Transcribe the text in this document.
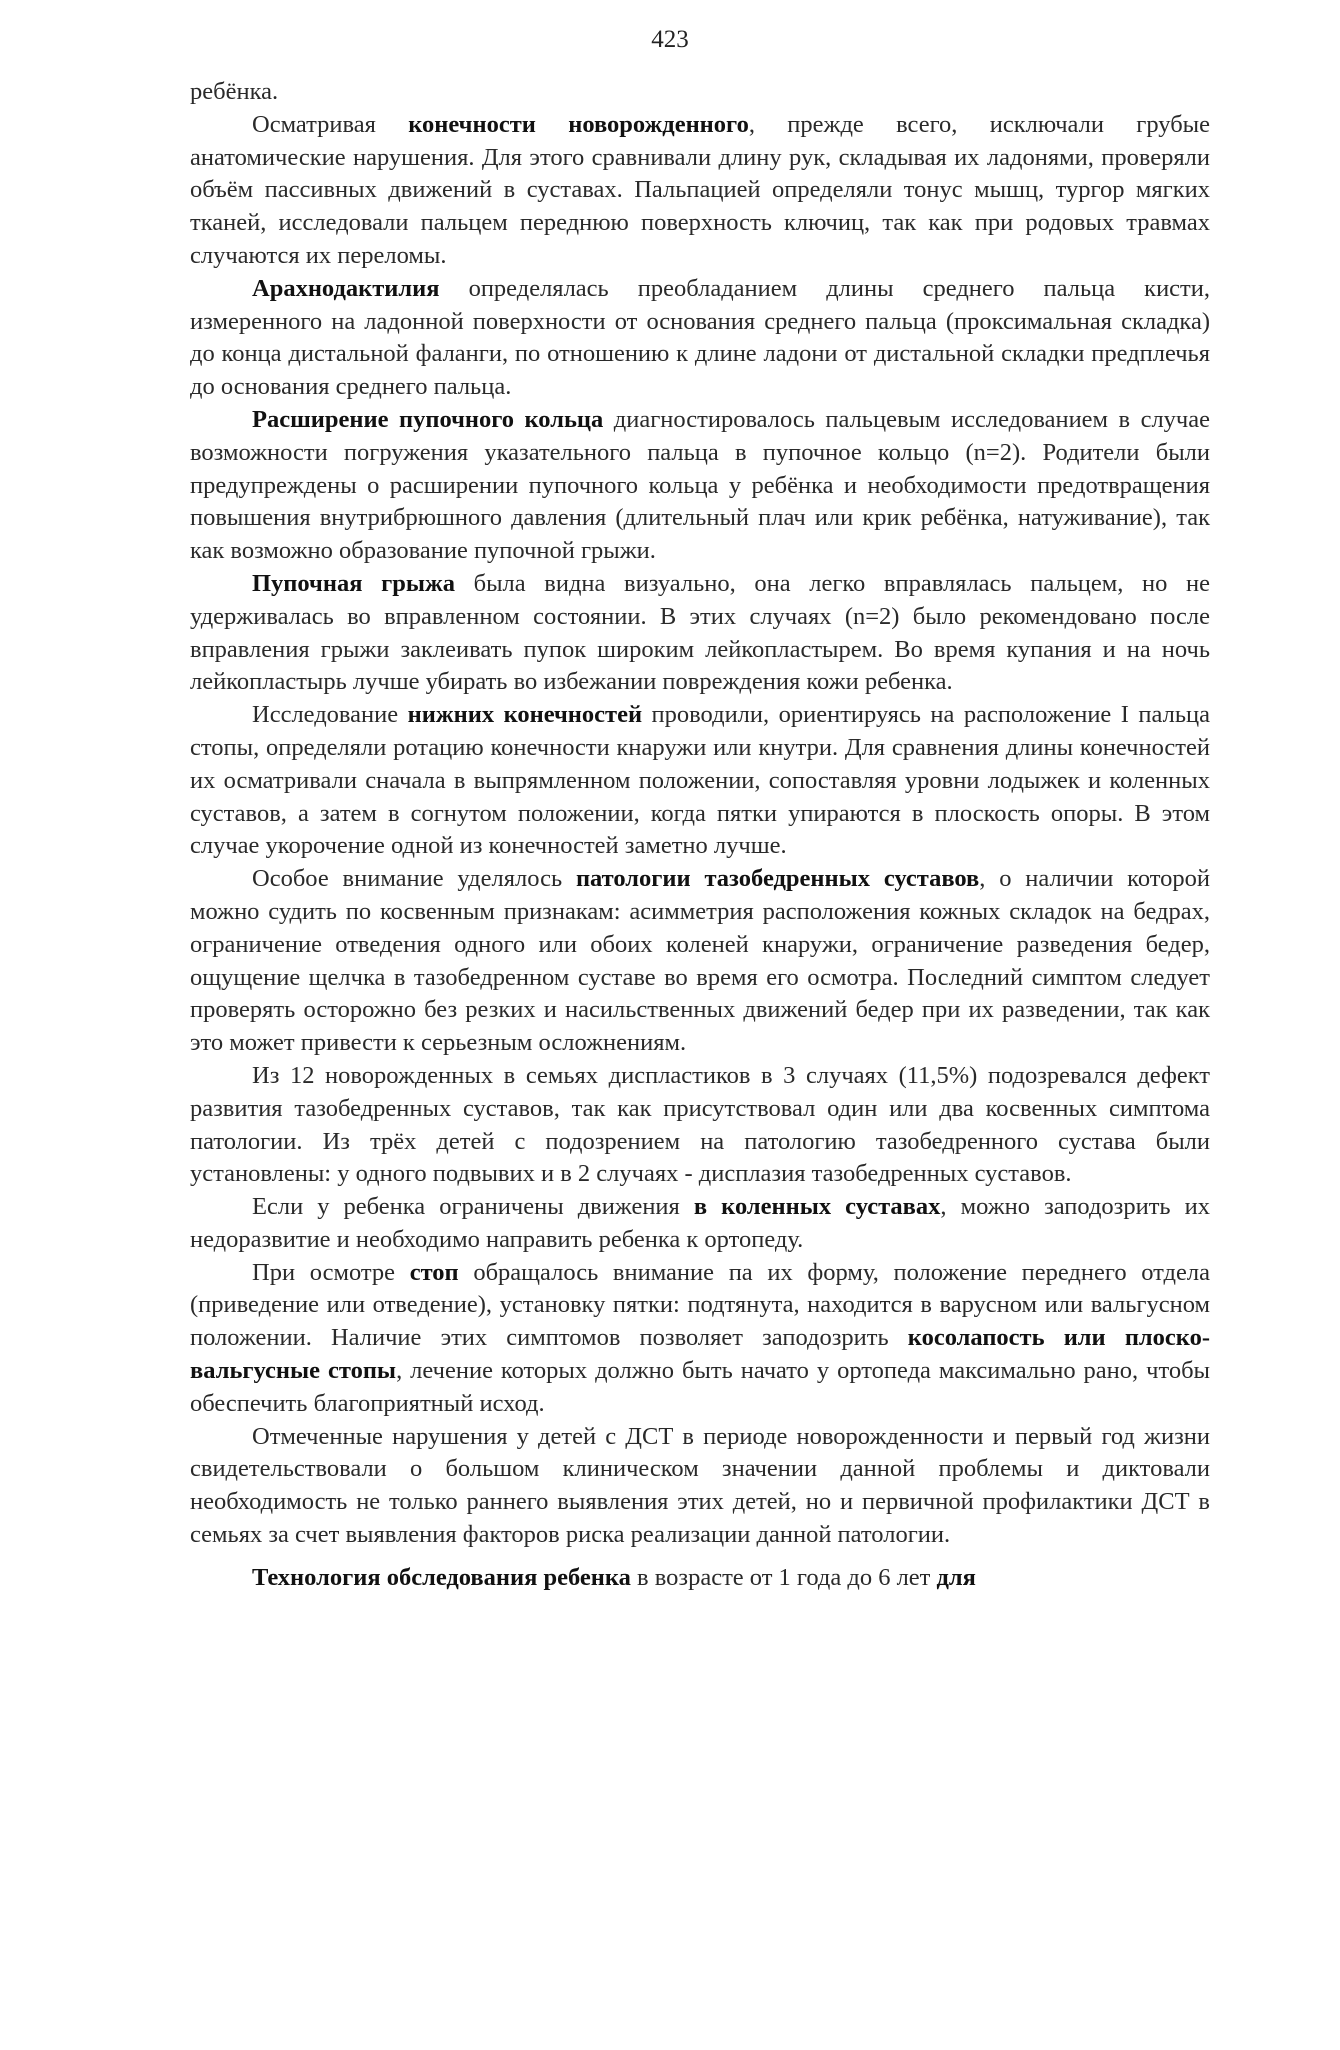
423

ребёнка.

Осматривая конечности новорожденного, прежде всего, исключали грубые анатомические нарушения. Для этого сравнивали длину рук, складывая их ладонями, проверяли объём пассивных движений в суставах. Пальпацией определяли тонус мышц, тургор мягких тканей, исследовали пальцем переднюю поверхность ключиц, так как при родовых травмах случаются их переломы.

Арахнодактилия определялась преобладанием длины среднего пальца кисти, измеренного на ладонной поверхности от основания среднего пальца (проксимальная складка) до конца дистальной фаланги, по отношению к длине ладони от дистальной складки предплечья до основания среднего пальца.

Расширение пупочного кольца диагностировалось пальцевым исследованием в случае возможности погружения указательного пальца в пупочное кольцо (n=2). Родители были предупреждены о расширении пупочного кольца у ребёнка и необходимости предотвращения повышения внутрибрюшного давления (длительный плач или крик ребёнка, натуживание), так как возможно образование пупочной грыжи.

Пупочная грыжа была видна визуально, она легко вправлялась пальцем, но не удерживалась во вправленном состоянии. В этих случаях (n=2) было рекомендовано после вправления грыжи заклеивать пупок широким лейкопластырем. Во время купания и на ночь лейкопластырь лучше убирать во избежании повреждения кожи ребенка.

Исследование нижних конечностей проводили, ориентируясь на расположение I пальца стопы, определяли ротацию конечности кнаружи или кнутри. Для сравнения длины конечностей их осматривали сначала в выпрямленном положении, сопоставляя уровни лодыжек и коленных суставов, а затем в согнутом положении, когда пятки упираются в плоскость опоры. В этом случае укорочение одной из конечностей заметно лучше.

Особое внимание уделялось патологии тазобедренных суставов, о наличии которой можно судить по косвенным признакам: асимметрия расположения кожных складок на бедрах, ограничение отведения одного или обоих коленей кнаружи, ограничение разведения бедер, ощущение щелчка в тазобедренном суставе во время его осмотра. Последний симптом следует проверять осторожно без резких и насильственных движений бедер при их разведении, так как это может привести к серьезным осложнениям.

Из 12 новорожденных в семьях диспластиков в 3 случаях (11,5%) подозревался дефект развития тазобедренных суставов, так как присутствовал один или два косвенных симптома патологии. Из трёх детей с подозрением на патологию тазобедренного сустава были установлены: у одного подвывих и в 2 случаях - дисплазия тазобедренных суставов.

Если у ребенка ограничены движения в коленных суставах, можно заподозрить их недоразвитие и необходимо направить ребенка к ортопеду.

При осмотре стоп обращалось внимание па их форму, положение переднего отдела (приведение или отведение), установку пятки: подтянута, находится в варусном или вальгусном положении. Наличие этих симптомов позволяет заподозрить косолапость или плоско-вальгусные стопы, лечение которых должно быть начато у ортопеда максимально рано, чтобы обеспечить благоприятный исход.

Отмеченные нарушения у детей с ДСТ в периоде новорожденности и первый год жизни свидетельствовали о большом клиническом значении данной проблемы и диктовали необходимость не только раннего выявления этих детей, но и первичной профилактики ДСТ в семьях за счет выявления факторов риска реализации данной патологии.

Технология обследования ребенка в возрасте от 1 года до 6 лет для
